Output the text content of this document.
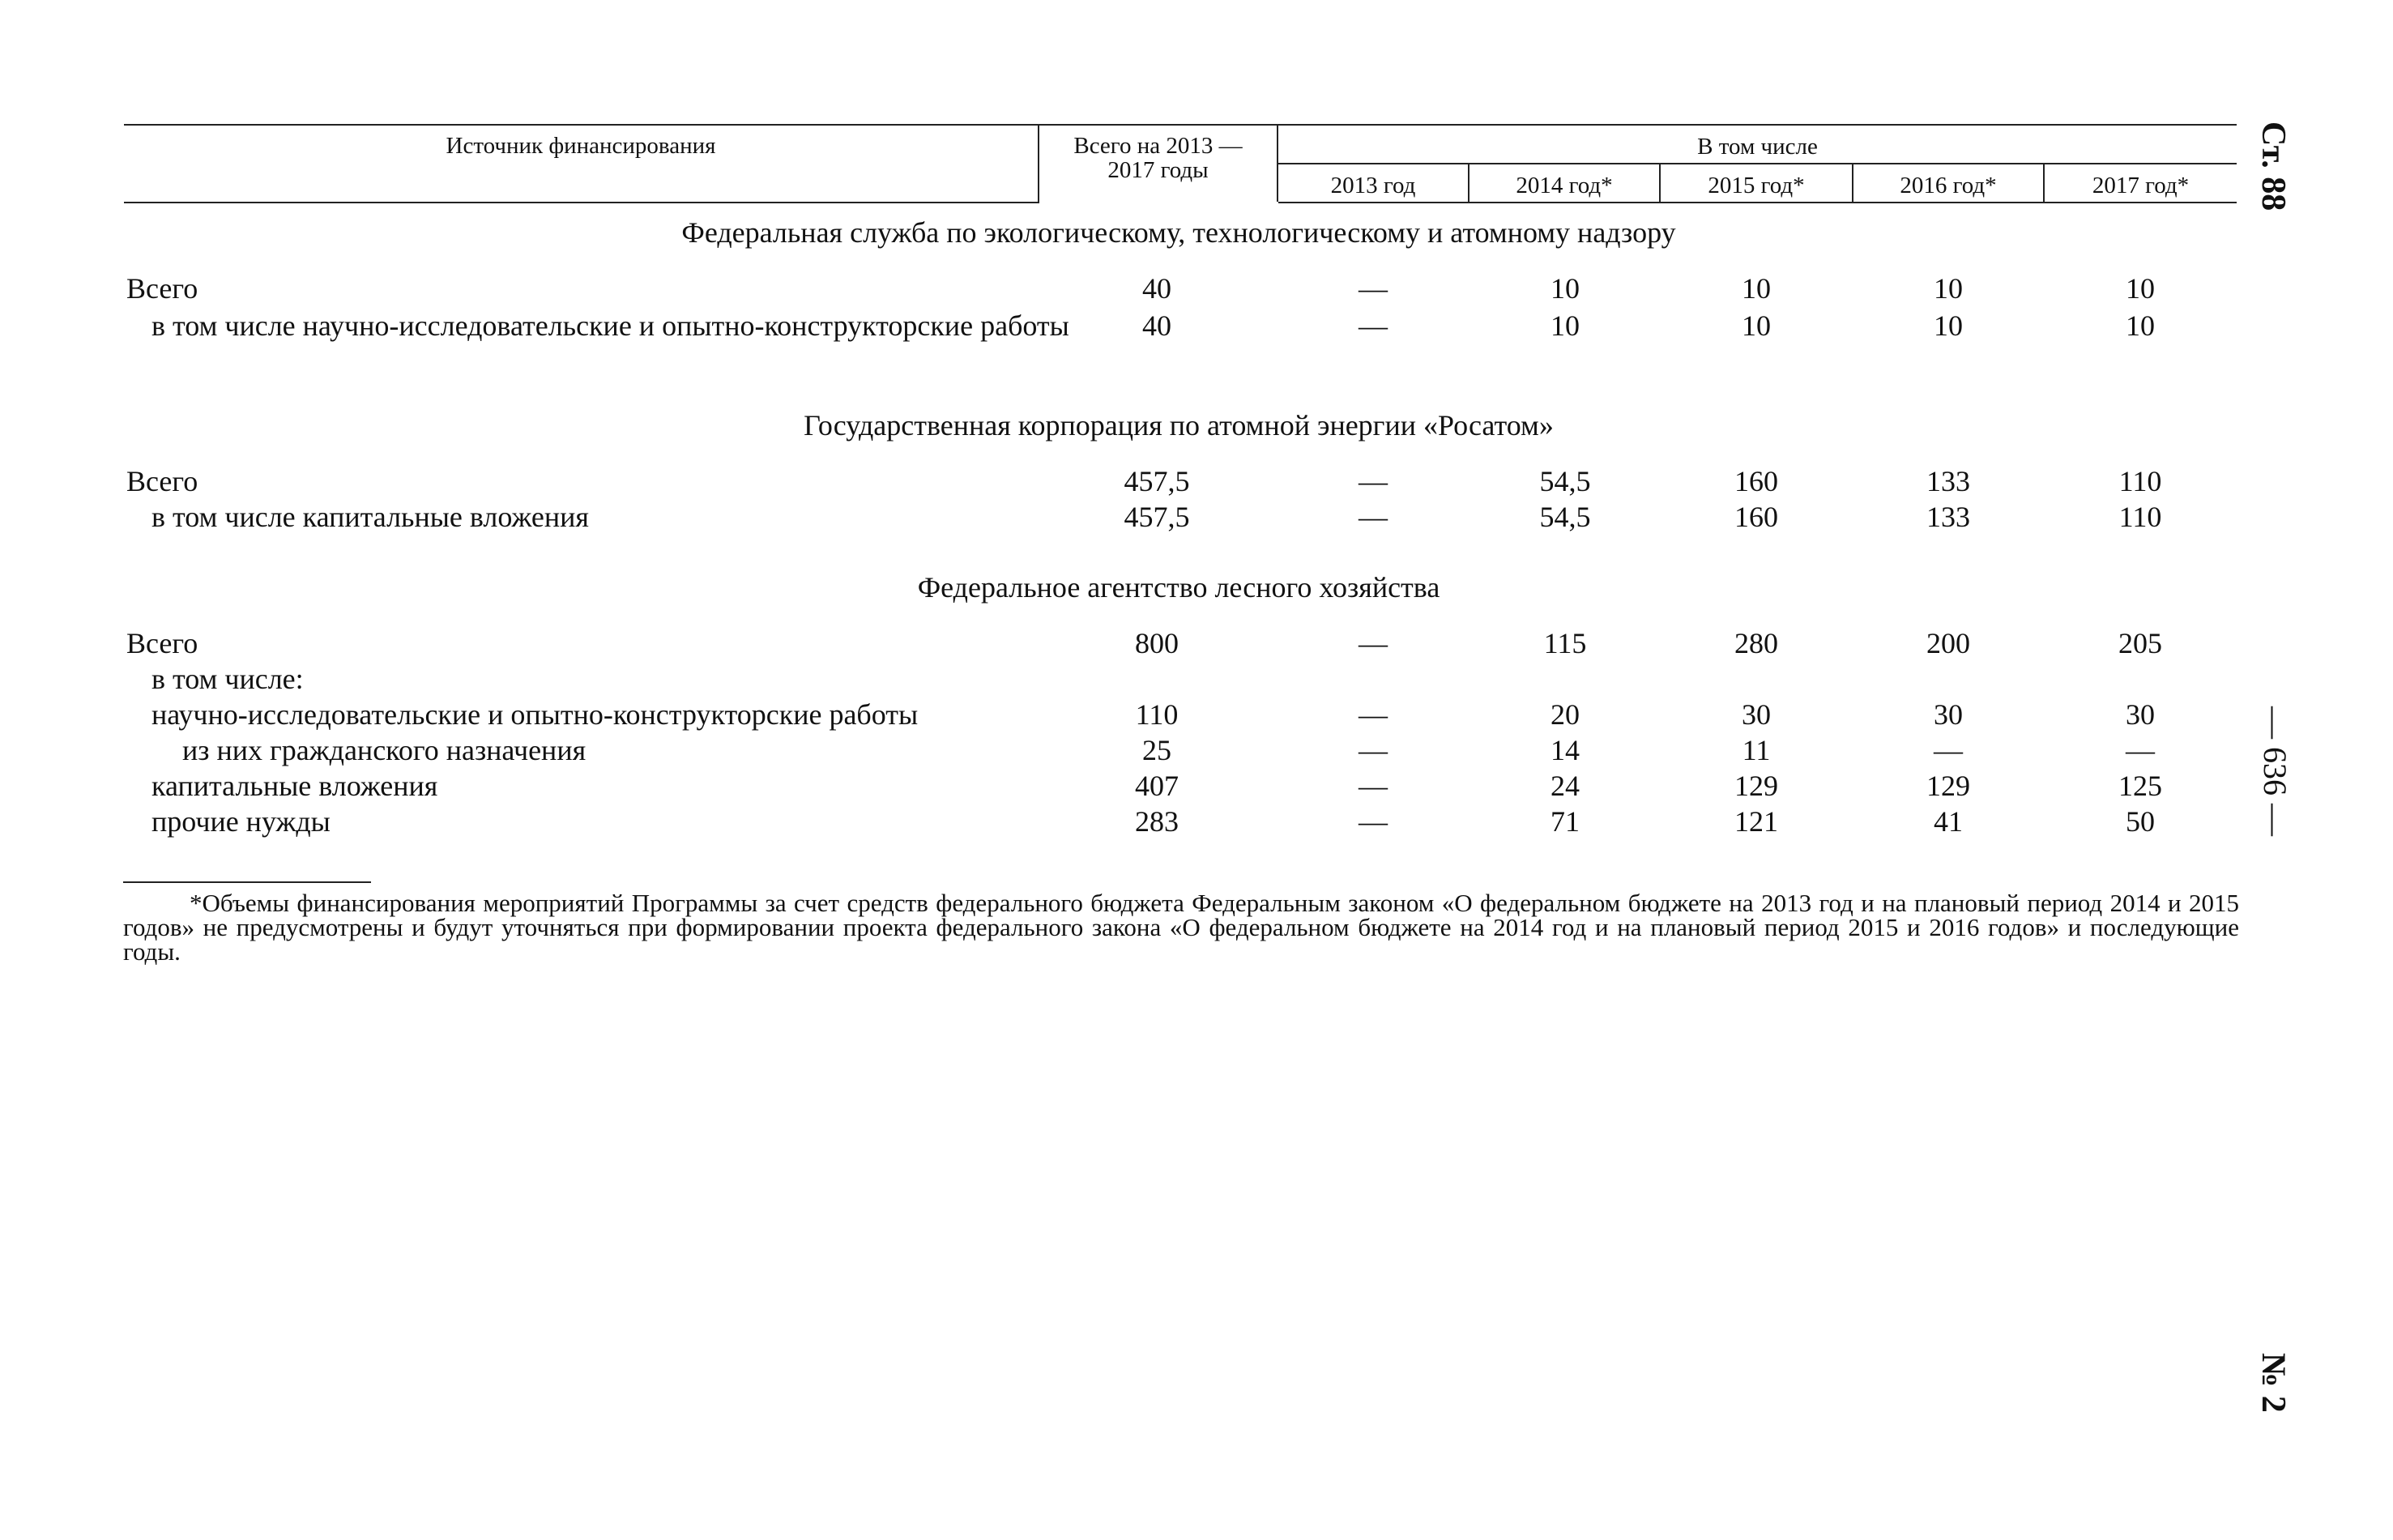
Источник финансирования	Всего на 2013 —
2017 годы
В том числе
2013 год	2014 год*	2015 год*	2016 год*	2017 год*
Федеральная служба по экологическому, технологическому и атомному надзору
Всего	40	—	10	10	10	10
в том числе научно-исследовательские и опытно-конструкторские работы	40	—	10	10	10	10
Государственная корпорация по атомной энергии «Росатом»
Всего	457,5	—	54,5	160	133	110
в том числе капитальные вложения	457,5	—	54,5	160	133	110
Федеральное агентство лесного хозяйства
Всего	800	—	115	280	200	205
в том числе:
научно-исследовательские и опытно-конструкторские работы	110	—	20	30	30	30
из них гражданского назначения	25	—	14	11	—	—
капитальные вложения	407	—	24	129	129	125
прочие нужды	283	—	71	121	41	50
*Объемы финансирования мероприятий Программы за счет средств федерального бюджета Федеральным законом «О федеральном бюджете на 2013 год и на плановый период 2014 и 2015 годов» не предусмотрены и будут уточняться при формировании проекта федерального закона «О федеральном бюджете на 2014 год и на плановый период 2015 и 2016 годов» и последующие годы.
Ст. 88
— 636 —
№ 2
